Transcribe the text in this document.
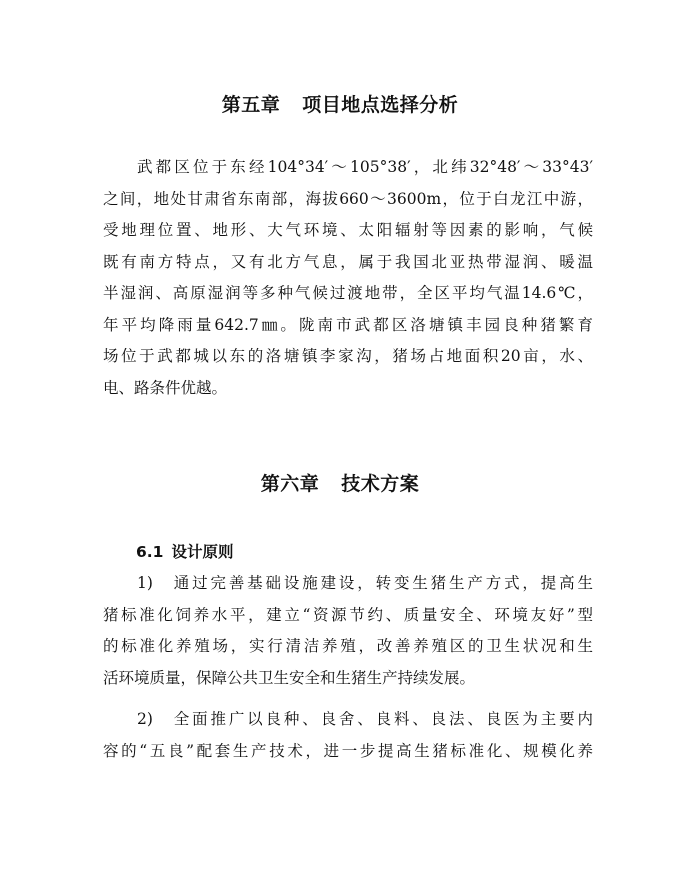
第五章 项目地点选择分析
武都区位于东经104°34′～105°38′，北纬32°48′～33°43′
之间，地处甘肃省东南部，海拔660～3600m，位于白龙江中游，
受地理位置、地形、大气环境、太阳辐射等因素的影响，气候
既有南方特点，又有北方气息，属于我国北亚热带湿润、暖温
半湿润、高原湿润等多种气候过渡地带，全区平均气温14.6℃，
年平均降雨量642.7㎜。陇南市武都区洛塘镇丰园良种猪繁育
场位于武都城以东的洛塘镇李家沟，猪场占地面积20亩，水、
电、路条件优越。
第六章 技术方案
6.1 设计原则
1) 通过完善基础设施建设，转变生猪生产方式，提高生
猪标准化饲养水平，建立“资源节约、质量安全、环境友好”型
的标准化养殖场，实行清洁养殖，改善养殖区的卫生状况和生
活环境质量，保障公共卫生安全和生猪生产持续发展。
2) 全面推广以良种、良舍、良料、良法、良医为主要内
容的“五良”配套生产技术，进一步提高生猪标准化、规模化养
